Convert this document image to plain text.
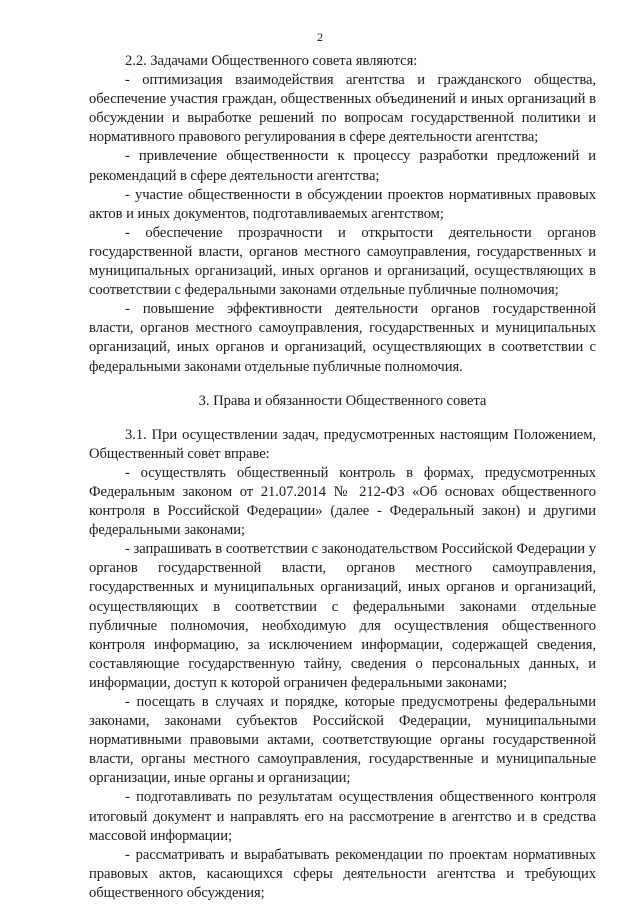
2

2.2. Задачами Общественного совета являются:

- оптимизация взаимодействия агентства и гражданского общества, обеспечение участия граждан, общественных объединений и иных организаций в обсуждении и выработке решений по вопросам государственной политики и нормативного правового регулирования в сфере деятельности агентства;

- привлечение общественности к процессу разработки предложений и рекомендаций в сфере деятельности агентства;

- участие общественности в обсуждении проектов нормативных правовых актов и иных документов, подготавливаемых агентством;

- обеспечение прозрачности и открытости деятельности органов государственной власти, органов местного самоуправления, государственных и муниципальных организаций, иных органов и организаций, осуществляющих в соответствии с федеральными законами отдельные публичные полномочия;

- повышение эффективности деятельности органов государственной власти, органов местного самоуправления, государственных и муниципальных организаций, иных органов и организаций, осуществляющих в соответствии с федеральными законами отдельные публичные полномочия.

3. Права и обязанности Общественного совета

3.1. При осуществлении задач, предусмотренных настоящим Положением, Общественный совет вправе:

- осуществлять общественный контроль в формах, предусмотренных Федеральным законом от 21.07.2014 № 212-ФЗ «Об основах общественного контроля в Российской Федерации» (далее - Федеральный закон) и другими федеральными законами;

- запрашивать в соответствии с законодательством Российской Федерации у органов государственной власти, органов местного самоуправления, государственных и муниципальных организаций, иных органов и организаций, осуществляющих в соответствии с федеральными законами отдельные публичные полномочия, необходимую для осуществления общественного контроля информацию, за исключением информации, содержащей сведения, составляющие государственную тайну, сведения о персональных данных, и информации, доступ к которой ограничен федеральными законами;

- посещать в случаях и порядке, которые предусмотрены федеральными законами, законами субъектов Российской Федерации, муниципальными нормативными правовыми актами, соответствующие органы государственной власти, органы местного самоуправления, государственные и муниципальные организации, иные органы и организации;

- подготавливать по результатам осуществления общественного контроля итоговый документ и направлять его на рассмотрение в агентство и в средства массовой информации;

- рассматривать и вырабатывать рекомендации по проектам нормативных правовых актов, касающихся сферы деятельности агентства и требующих общественного обсуждения;
